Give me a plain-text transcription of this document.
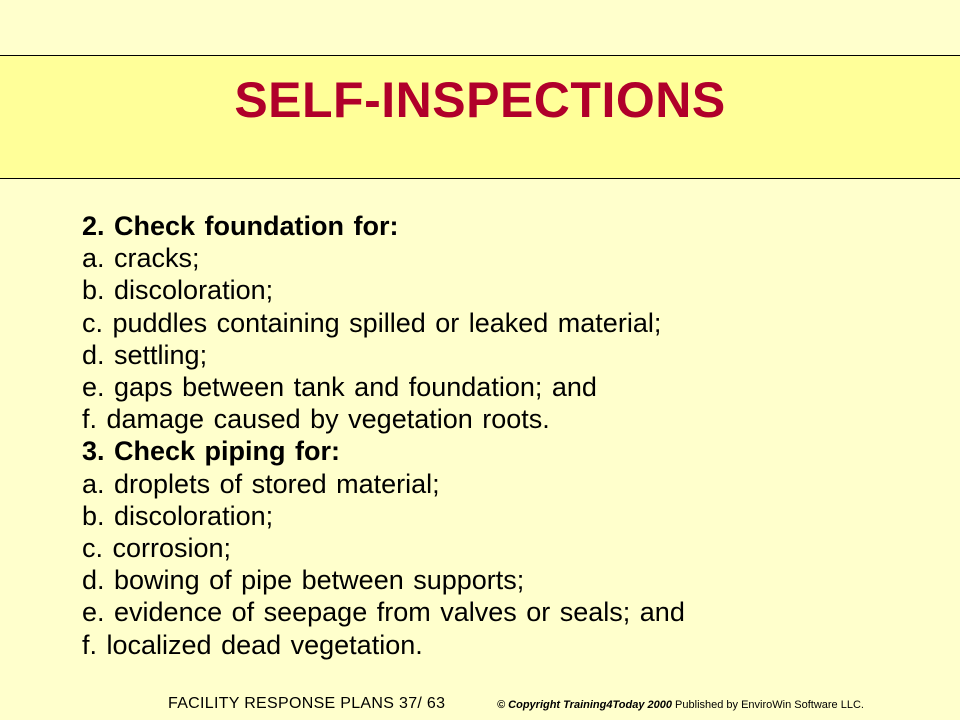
SELF-INSPECTIONS
2. Check foundation for:
a. cracks;
b. discoloration;
c. puddles containing spilled or leaked material;
d. settling;
e. gaps between tank and foundation; and
f. damage caused by vegetation roots.
3. Check piping for:
a. droplets of stored material;
b. discoloration;
c. corrosion;
d. bowing of pipe between supports;
e. evidence of seepage from valves or seals; and
f. localized dead vegetation.
FACILITY RESPONSE PLANS 37/ 63	© Copyright Training4Today 2000 Published by EnviroWin Software LLC.
